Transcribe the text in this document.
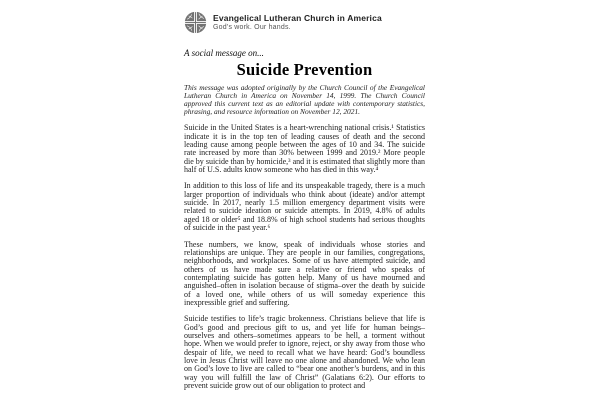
Evangelical Lutheran Church in America
God’s work. Our hands.
A social message on...
Suicide Prevention

This message was adopted originally by the Church Council of the Evangelical Lutheran Church in America on November 14, 1999. The Church Council approved this current text as an editorial update with contemporary statistics, phrasing, and resource information on November 12, 2021.

Suicide in the United States is a heart-wrenching national crisis.¹ Statistics indicate it is in the top ten of leading causes of death and the second leading cause among people between the ages of 10 and 34. The suicide rate increased by more than 30% between 1999 and 2019.² More people die by suicide than by homicide,³ and it is estimated that slightly more than half of U.S. adults know someone who has died in this way.⁴

In addition to this loss of life and its unspeakable tragedy, there is a much larger proportion of individuals who think about (ideate) and/or attempt suicide. In 2017, nearly 1.5 million emergency department visits were related to suicide ideation or suicide attempts. In 2019, 4.8% of adults aged 18 or older⁵ and 18.8% of high school students had serious thoughts of suicide in the past year.⁶

These numbers, we know, speak of individuals whose stories and relationships are unique. They are people in our families, congregations, neighborhoods, and workplaces. Some of us have attempted suicide, and others of us have made sure a relative or friend who speaks of contemplating suicide has gotten help. Many of us have mourned and anguished–often in isolation because of stigma–over the death by suicide of a loved one, while others of us will someday experience this inexpressible grief and suffering.

Suicide testifies to life’s tragic brokenness. Christians believe that life is God’s good and precious gift to us, and yet life for human beings–ourselves and others–sometimes appears to be hell, a torment without hope. When we would prefer to ignore, reject, or shy away from those who despair of life, we need to recall what we have heard: God’s boundless love in Jesus Christ will leave no one alone and abandoned. We who lean on God’s love to live are called to “bear one another’s burdens, and in this way you will fulfill the law of Christ” (Galatians 6:2). Our efforts to prevent suicide grow out of our obligation to protect and
